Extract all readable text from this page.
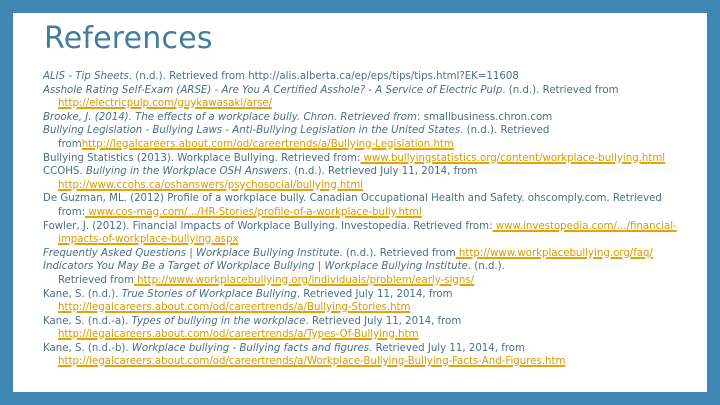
References
ALIS - Tip Sheets. (n.d.). Retrieved from http://alis.alberta.ca/ep/eps/tips/tips.html?EK=11608
Asshole Rating Self-Exam (ARSE) - Are You A Certified Asshole? - A Service of Electric Pulp. (n.d.). Retrieved from
http://electricpulp.com/guykawasaki/arse/
Brooke, J. (2014). The effects of a workplace bully. Chron. Retrieved from: smallbusiness.chron.com
Bullying Legislation - Bullying Laws - Anti-Bullying Legislation in the United States. (n.d.). Retrieved
fromhttp://legalcareers.about.com/od/careertrends/a/Bullying-Legislation.htm
Bullying Statistics (2013). Workplace Bullying. Retrieved from: www.bullyingstatistics.org/content/workplace-bullying.html
CCOHS. Bullying in the Workplace OSH Answers. (n.d.). Retrieved July 11, 2014, from
http://www.ccohs.ca/oshanswers/psychosocial/bullying.html
De Guzman, ML. (2012) Profile of a workplace bully. Canadian Occupational Health and Safety. ohscomply.com. Retrieved
from: www.cos-mag.com/.../HR-Stories/profile-of-a-workplace-bully.html
Fowler, J. (2012). Financial Impacts of Workplace Bullying. Investopedia. Retrieved from: www.investopedia.com/.../financial-
impacts-of-workplace-bullying.aspx
Frequently Asked Questions | Workplace Bullying Institute. (n.d.). Retrieved from http://www.workplacebullying.org/faq/
Indicators You May Be a Target of Workplace Bullying | Workplace Bullying Institute. (n.d.).
Retrieved from http://www.workplacebullying.org/individuals/problem/early-signs/
Kane, S. (n.d.). True Stories of Workplace Bullying. Retrieved July 11, 2014, from
http://legalcareers.about.com/od/careertrends/a/Bullying-Stories.htm
Kane, S. (n.d.-a). Types of bullying in the workplace. Retrieved July 11, 2014, from
http://legalcareers.about.com/od/careertrends/a/Types-Of-Bullying.htm
Kane, S. (n.d.-b). Workplace bullying - Bullying facts and figures. Retrieved July 11, 2014, from
http://legalcareers.about.com/od/careertrends/a/Workplace-Bullying-Bullying-Facts-And-Figures.htm
